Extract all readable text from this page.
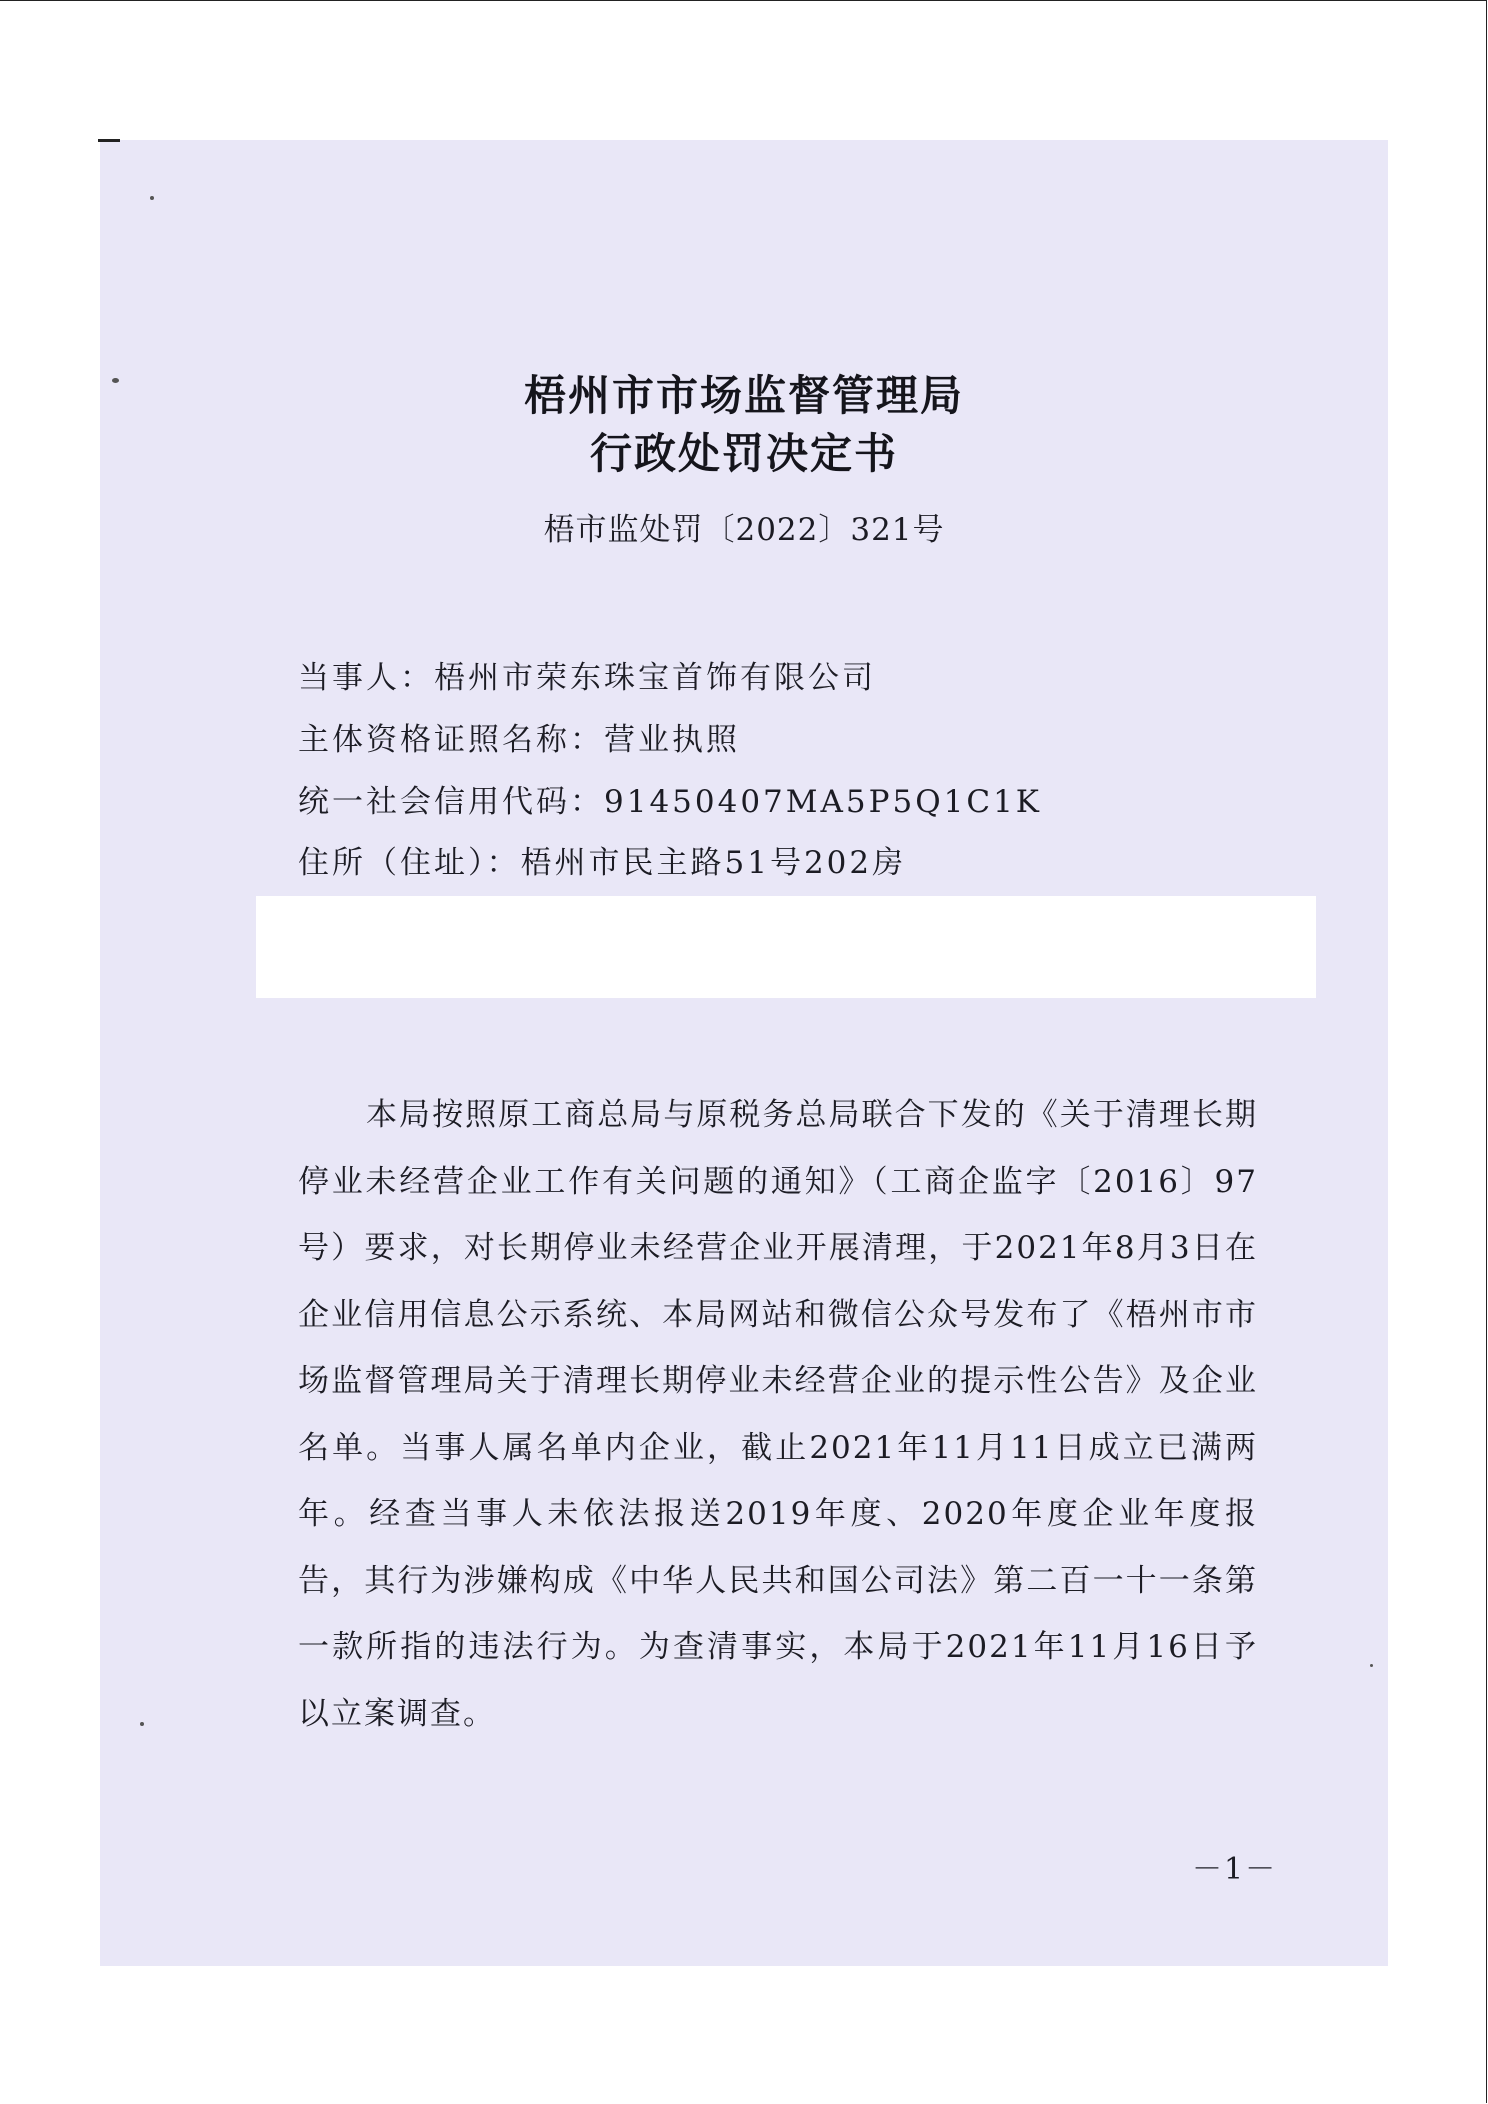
梧州市市场监督管理局
行政处罚决定书
梧市监处罚〔2022〕321号
当事人：梧州市荣东珠宝首饰有限公司
主体资格证照名称：营业执照
统一社会信用代码：91450407MA5P5Q1C1K
住所（住址）：梧州市民主路51号202房

本局按照原工商总局与原税务总局联合下发的《关于清理长期停业未经营企业工作有关问题的通知》（工商企监字〔2016〕97号）要求，对长期停业未经营企业开展清理，于2021年8月3日在企业信用信息公示系统、本局网站和微信公众号发布了《梧州市市场监督管理局关于清理长期停业未经营企业的提示性公告》及企业名单。当事人属名单内企业，截止2021年11月11日成立已满两年。经查当事人未依法报送2019年度、2020年度企业年度报告，其行为涉嫌构成《中华人民共和国公司法》第二百一十一条第一款所指的违法行为。为查清事实，本局于2021年11月16日予以立案调查。

－1－
